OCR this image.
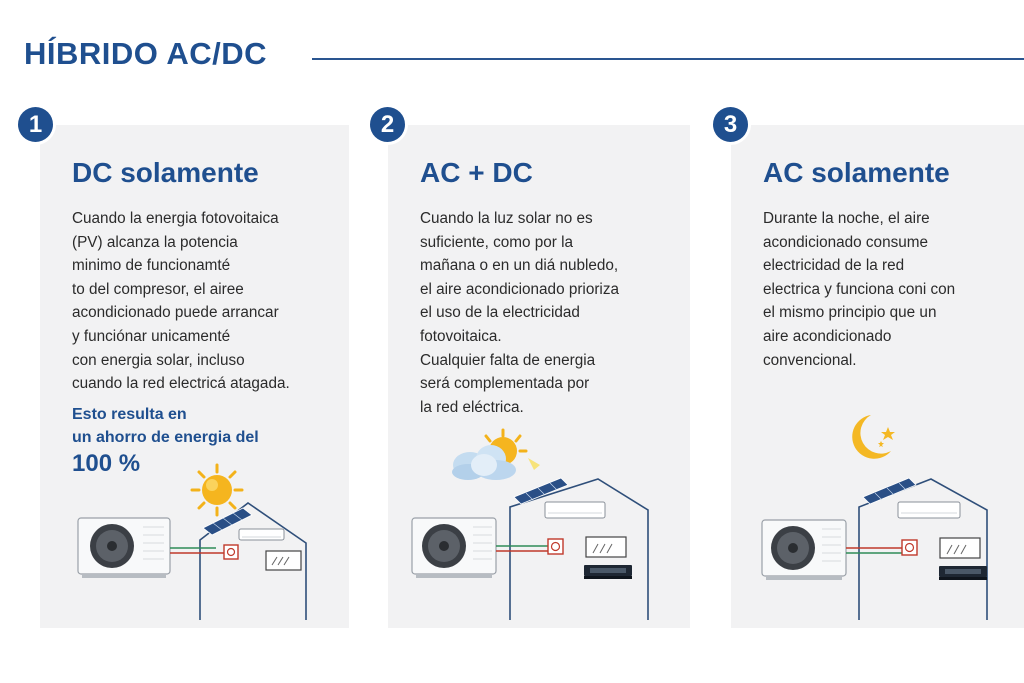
HÍBRIDO AC/DC
1
DC solamente
Cuando la energia fotovoitaica
(PV) alcanza la potencia
minimo de funcionamté
to del compresor, el airee
acondicionado puede arrancar
y funciónar unicamenté
con energia solar, incluso
cuando la red electricá atagada.
Esto resulta en
un ahorro de energia del
100 %
2
AC + DC
Cuando la luz solar no es
suficiente, como por la
mañana o en un diá nubledo,
el aire acondicionado prioriza
el uso de la electricidad
fotovoitaica.
Cualquier falta de energia
será complementada por
la red eléctrica.
3
AC solamente
Durante la noche, el aire
acondicionado consume
electricidad de la red
electrica y funciona coni con
el mismo principio que un
aire acondicionado
convencional.
